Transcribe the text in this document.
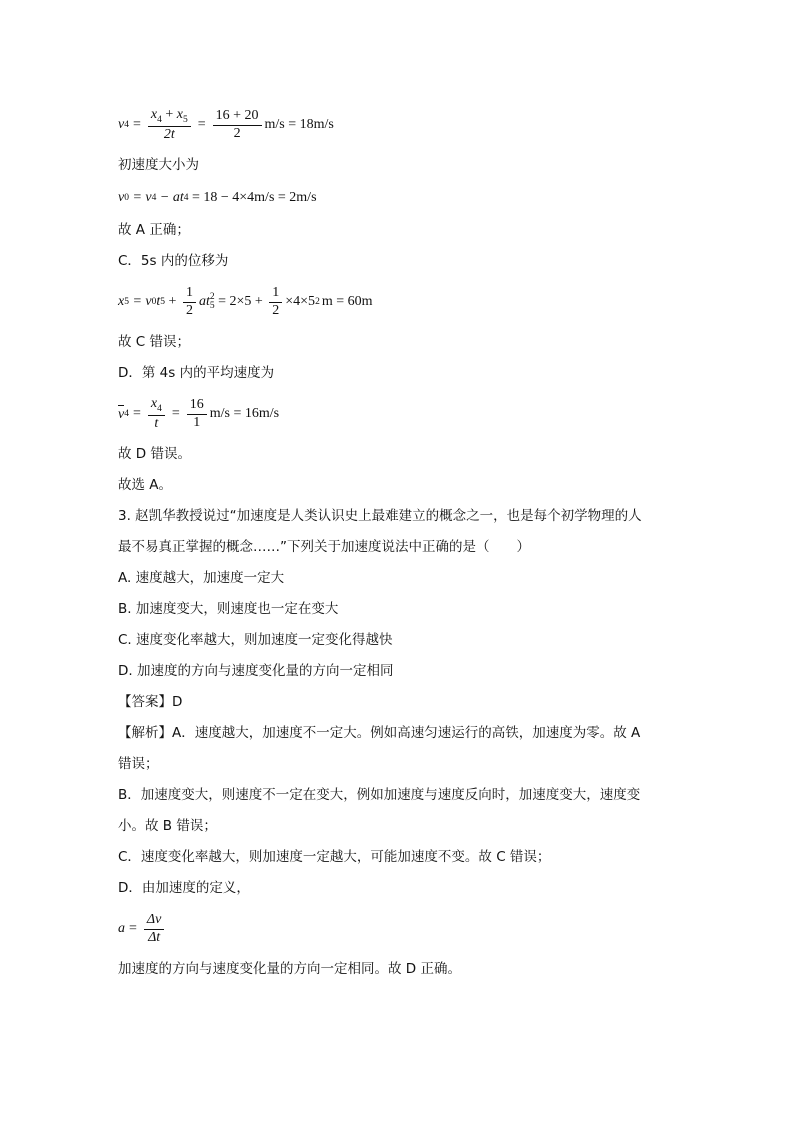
v $4 = \frac{x_4 + x_5}{2t} = \frac{16 + 20}{2} m/s = 18m/s$
初速度大小为
v 0 = v 4 − at 4 = 18 − 4×4m/s = 2m/s
故 A 正确；
C．5s 内的位移为
x 5 = v 0 t $5 + \frac{1}{2}$ at 2
$5 = 2\times 5 + \frac{1}{2} \times 4\times 5$ 2 m = 60m
故 C 错误；
D．第 4s 内的平均速度为
v $4 = \frac{x_4}{t} = \frac{16}{1} m/s = 16m/s$
故 D 错误。
故选 A。
3. 赵凯华教授说过“加速度是人类认识史上最难建立的概念之一，也是每个初学物理的人
最不易真正掌握的概念……”下列关于加速度说法中正确的是（　　）
A. 速度越大，加速度一定大
B. 加速度变大，则速度也一定在变大
C. 速度变化率越大，则加速度一定变化得越快
D. 加速度的方向与速度变化量的方向一定相同
【答案】D
【解析】A．速度越大，加速度不一定大。例如高速匀速运行的高铁，加速度为零。故 A
错误；
B．加速度变大，则速度不一定在变大，例如加速度与速度反向时，加速度变大，速度变
小。故 B 错误；
C．速度变化率越大，则加速度一定越大，可能加速度不变。故 C 错误；
D．由加速度的定义，
$a = \frac{\Delta v}{\Delta t}$
加速度的方向与速度变化量的方向一定相同。故 D 正确。
